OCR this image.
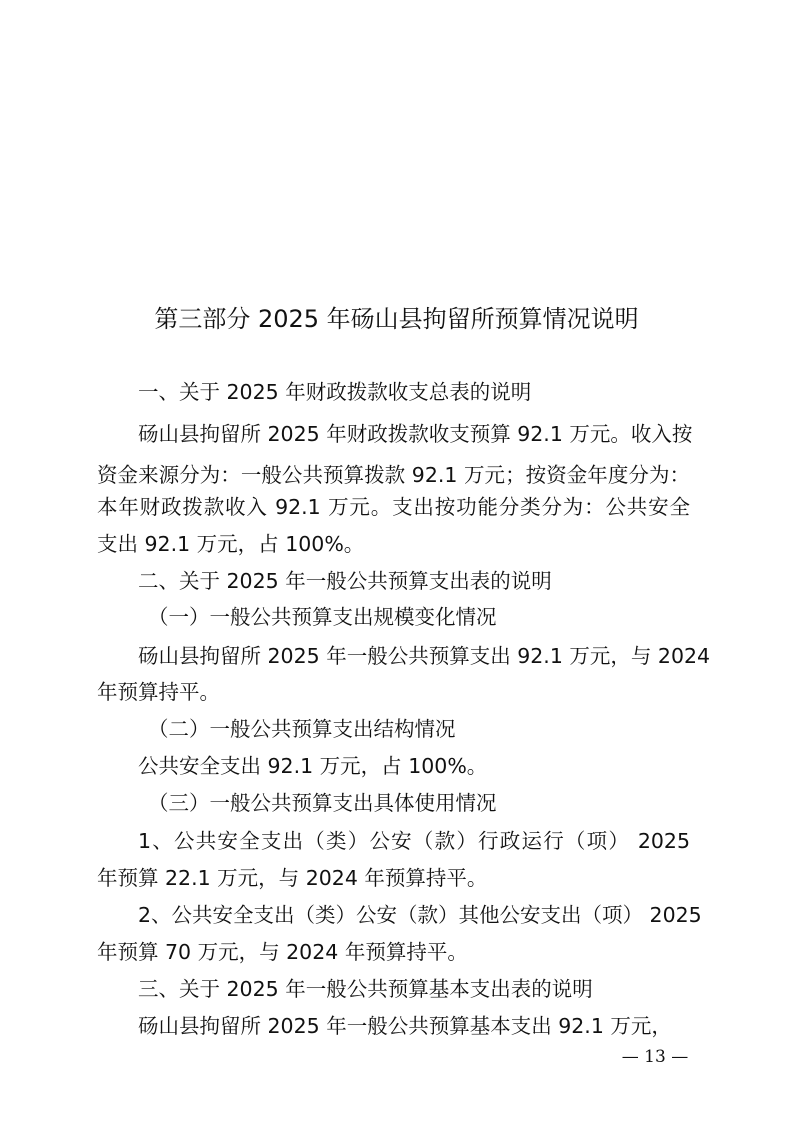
第三部分 2025 年砀山县拘留所预算情况说明
一、关于 2025 年财政拨款收支总表的说明
砀山县拘留所 2025 年财政拨款收支预算 92.1 万元。收入按
资金来源分为：一般公共预算拨款 92.1 万元；按资金年度分为：
本年财政拨款收入 92.1 万元。支出按功能分类分为：公共安全
支出 92.1 万元，占 100%。
二、关于 2025 年一般公共预算支出表的说明
（一）一般公共预算支出规模变化情况
砀山县拘留所 2025 年一般公共预算支出 92.1 万元，与 2024
年预算持平。
（二）一般公共预算支出结构情况
公共安全支出 92.1 万元，占 100%。
（三）一般公共预算支出具体使用情况
1、公共安全支出（类）公安（款）行政运行（项） 2025
年预算 22.1 万元，与 2024 年预算持平。
2、公共安全支出（类）公安（款）其他公安支出（项） 2025
年预算 70 万元，与 2024 年预算持平。
三、关于 2025 年一般公共预算基本支出表的说明
砀山县拘留所 2025 年一般公共预算基本支出 92.1 万元，
— 13 —
